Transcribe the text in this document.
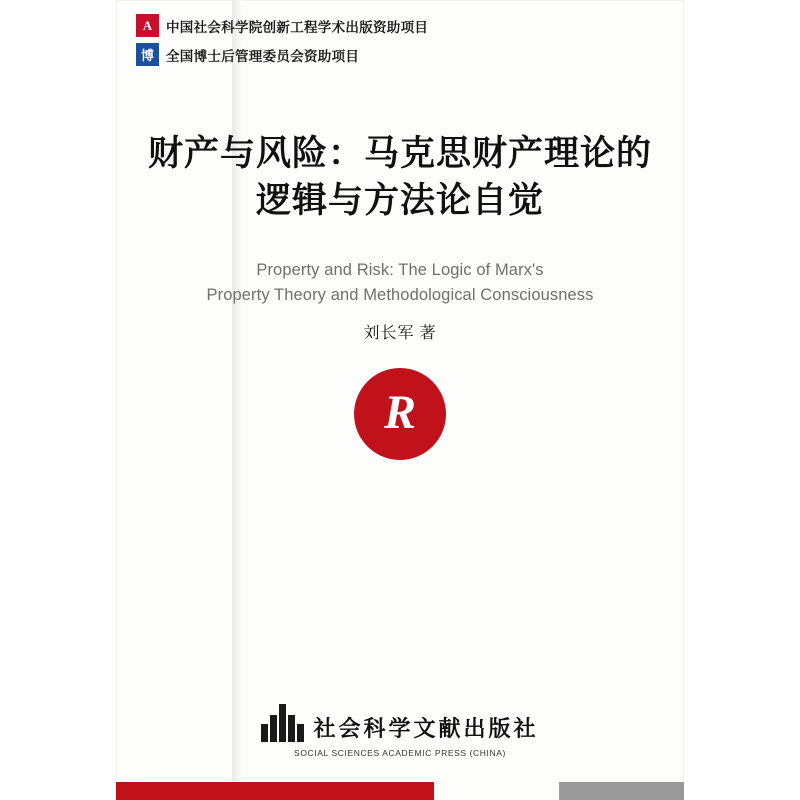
A	中国社会科学院创新工程学术出版资助项目
博 全国博士后管理委员会资助项目
财产与风险：马克思财产理论的
逻辑与方法论自觉
Property and Risk: The Logic of Marx's
Property Theory and Methodological Consciousness
刘长军 著
R
社会科学文献出版社
SOCIAL SCIENCES ACADEMIC PRESS (CHINA)
